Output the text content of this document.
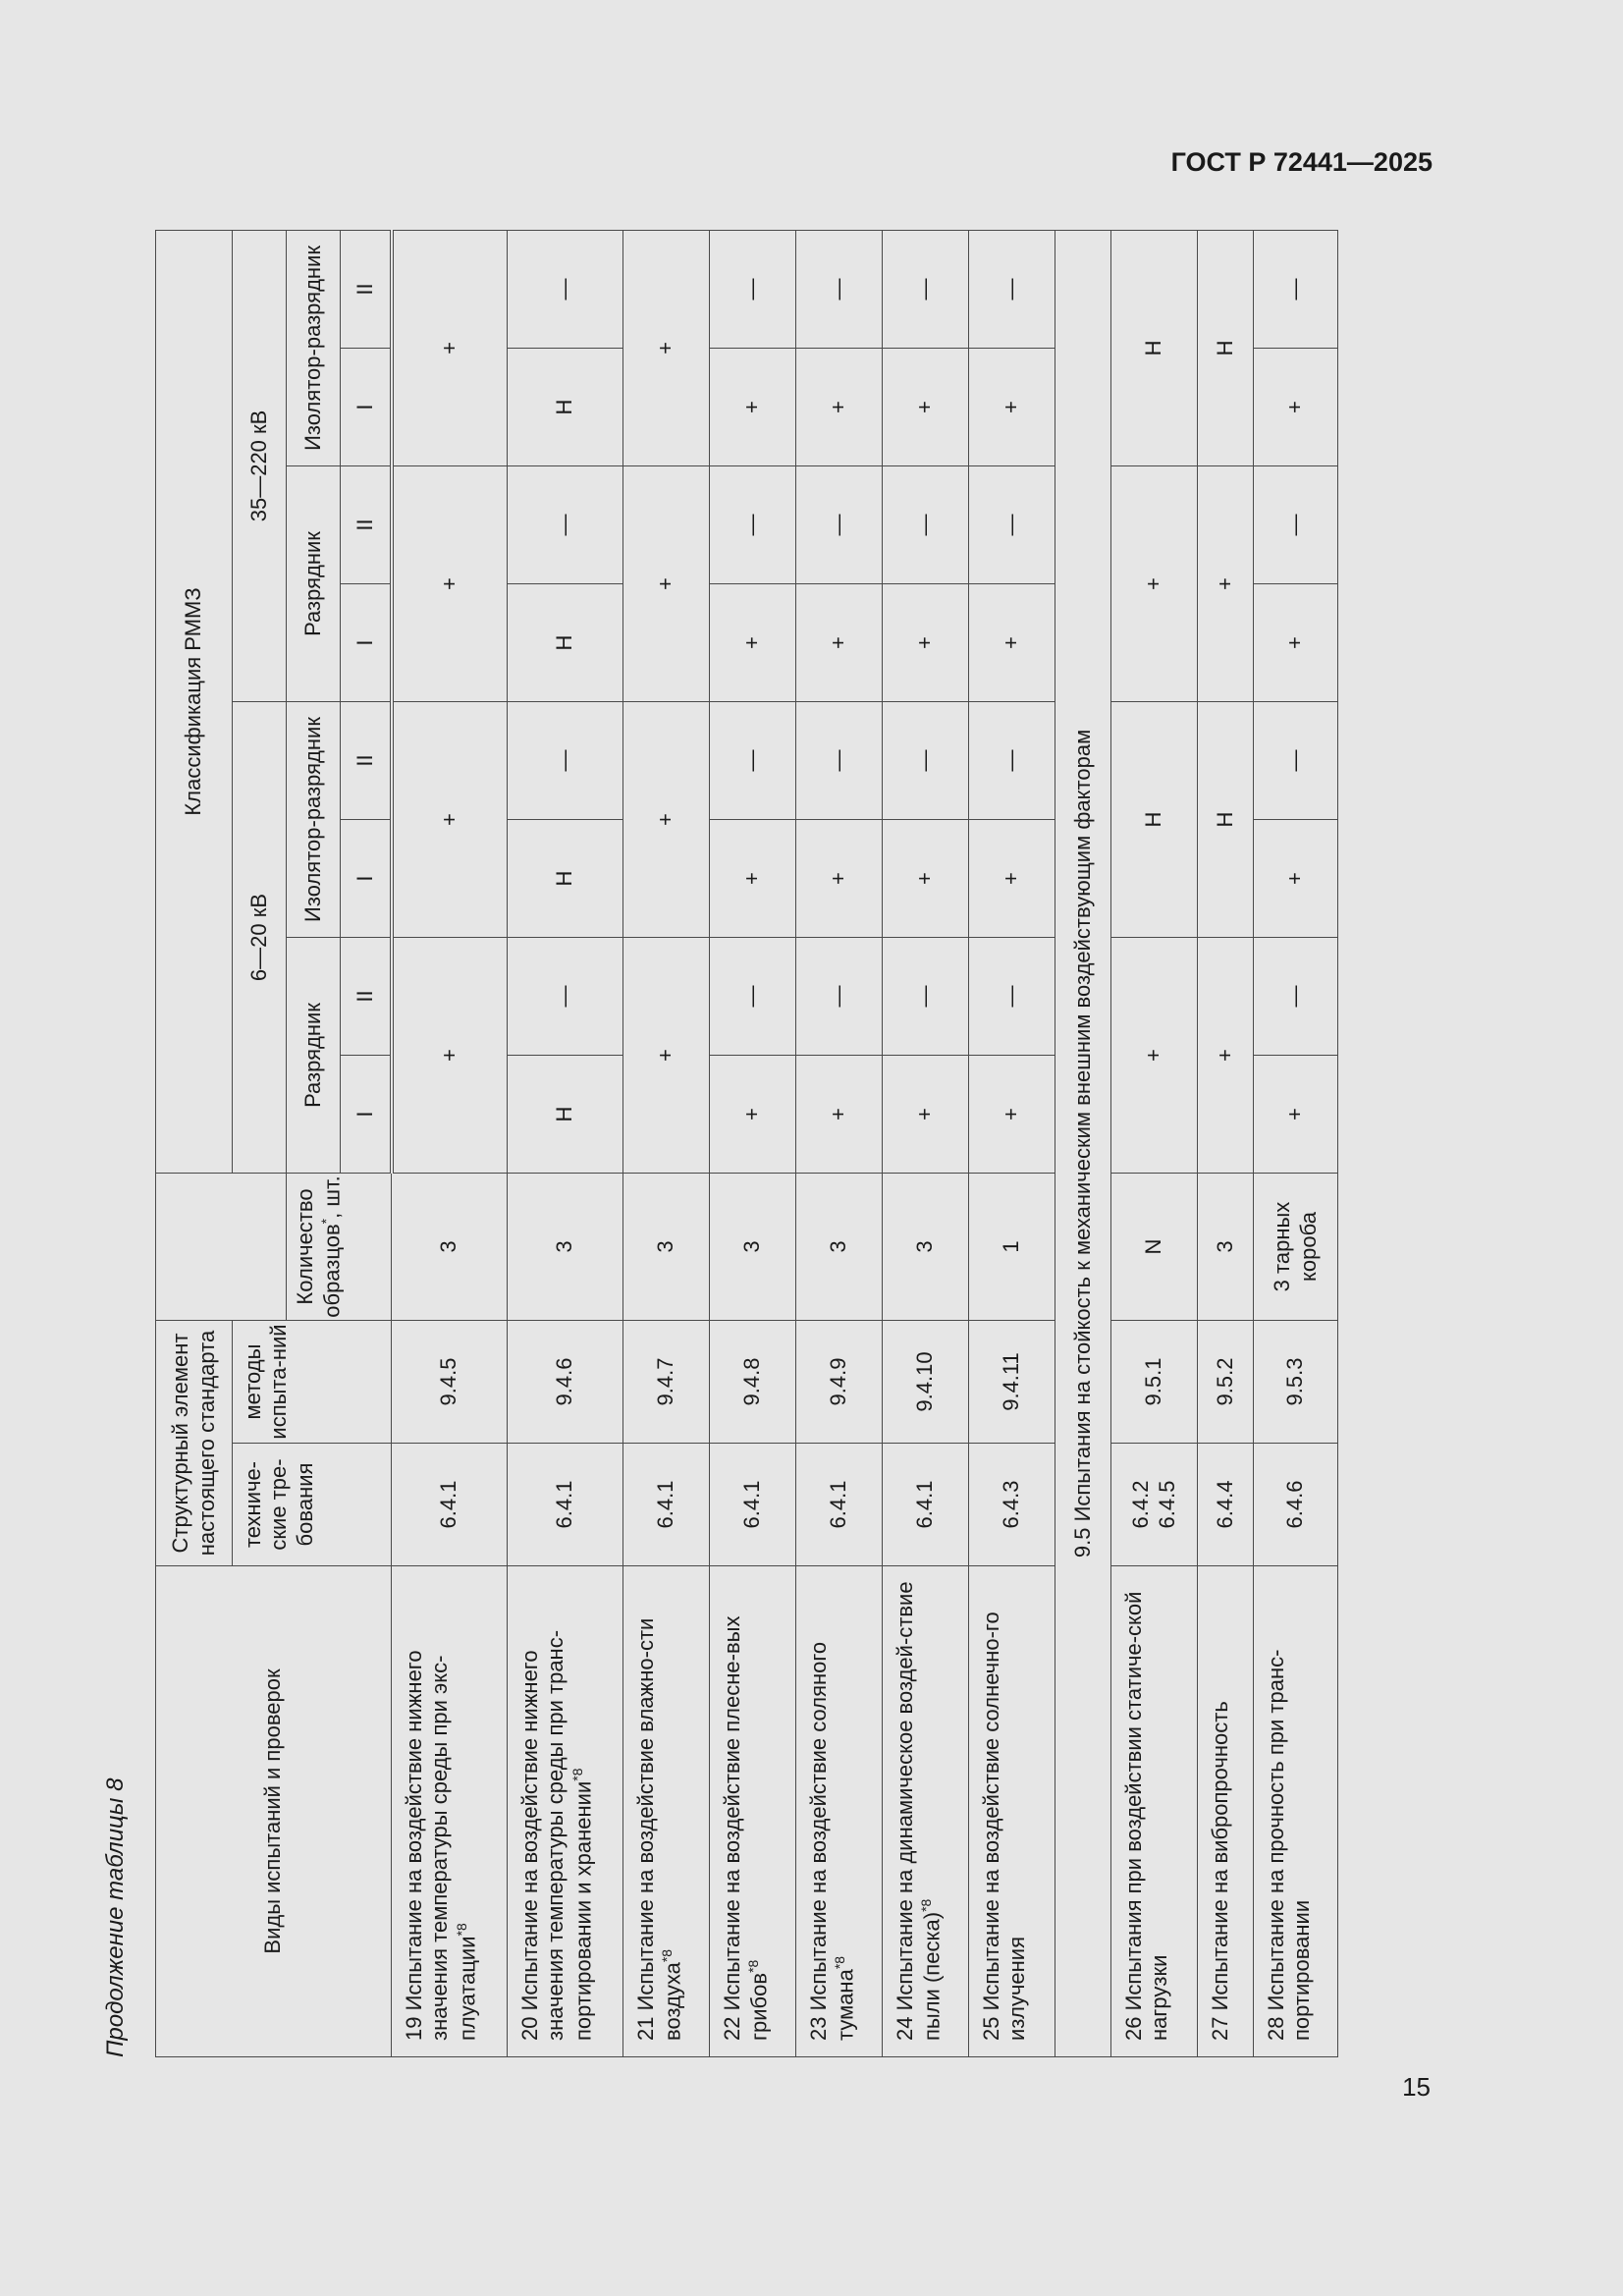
ГОСТ Р 72441—2025
Продолжение таблицы 8	Виды испытаний и проверок	Структурный элемент настоящего стандарта			Классификация РММЗ							
	техниче-ские тре-бования	методы испыта-ний		6—20 кВ				35—220 кВ			
			Количество образцов*, шт.	Разрядник		Изолятор-разрядник		Разрядник		Изолятор-разрядник	
				I	II	I	II	I	II	I	II
19 Испытание на воздействие нижнего значения температуры среды при экс-плуатации$^{*8}$	6.4.1	9.4.5	3	+		+		+		+	
20 Испытание на воздействие нижнего значения температуры среды при транс-портировании и хранении$^{*8}$	6.4.1	9.4.6	3	Н	—	Н	—	Н	—	Н	—
21 Испытание на воздействие влажно-сти воздуха$^{*8}$	6.4.1	9.4.7	3	+		+		+		+	
22 Испытание на воздействие плесне-вых грибов$^{*8}$	6.4.1	9.4.8	3	+	—	+	—	+	—	+	—
23 Испытание на воздействие соляного тумана$^{*8}$	6.4.1	9.4.9	3	+	—	+	—	+	—	+	—
24 Испытание на динамическое воздей-ствие пыли (песка)$^{*8}$	6.4.1	9.4.10	3	+	—	+	—	+	—	+	—
25 Испытание на воздействие солнечно-го излучения	6.4.3	9.4.11	1	+	—	+	—	+	—	+	—
9.5 Испытания на стойкость к механическим внешним воздействующим факторам											
26 Испытания при воздействии статиче-ской нагрузки	6.4.2 6.4.5	9.5.1	N	+		Н		+		Н	
27 Испытание на вибропрочность	6.4.4	9.5.2	3	+		Н		+		Н	
28 Испытание на прочность при транс-портировании	6.4.6	9.5.3	3 тарных короба	+	—	+	—	+	—	+	—
15
